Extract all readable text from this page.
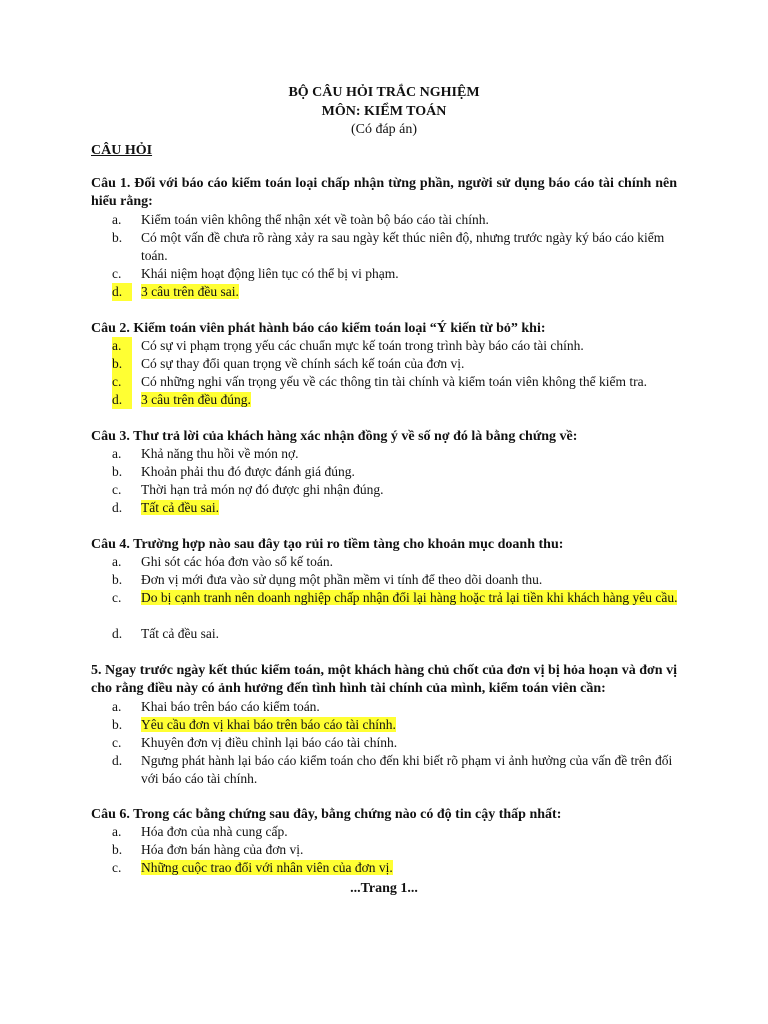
BỘ CÂU HỎI TRẮC NGHIỆM
MÔN: KIỂM TOÁN
(Có đáp án)
CÂU HỎI
Câu 1. Đối với báo cáo kiểm toán loại chấp nhận từng phần, người sử dụng báo cáo tài chính nên hiểu rằng:
a.	Kiểm toán viên không thể nhận xét về toàn bộ báo cáo tài chính.
b.	Có một vấn đề chưa rõ ràng xảy ra sau ngày kết thúc niên độ, nhưng trước ngày ký báo cáo kiểm toán.
c.	Khái niệm hoạt động liên tục có thể bị vi phạm.
d.	3 câu trên đều sai.
Câu 2. Kiểm toán viên phát hành báo cáo kiểm toán loại “Ý kiến từ bỏ” khi:
a.	Có sự vi phạm trọng yếu các chuẩn mực kế toán trong trình bày báo cáo tài chính.
b.	Có sự thay đổi quan trọng về chính sách kế toán của đơn vị.
c.	Có những nghi vấn trọng yếu về các thông tin tài chính và kiểm toán viên không thể kiểm tra.
d.	3 câu trên đều đúng.
Câu 3. Thư trả lời của khách hàng xác nhận đồng ý về số nợ đó là bằng chứng về:
a.	Khả năng thu hồi về món nợ.
b.	Khoản phải thu đó được đánh giá đúng.
c.	Thời hạn trả món nợ đó được ghi nhận đúng.
d.	Tất cả đều sai.
Câu 4. Trường hợp nào sau đây tạo rủi ro tiềm tàng cho khoản mục doanh thu:
a.	Ghi sót các hóa đơn vào sổ kế toán.
b.	Đơn vị mới đưa vào sử dụng một phần mềm vi tính để theo dõi doanh thu.
c.	Do bị cạnh tranh nên doanh nghiệp chấp nhận đổi lại hàng hoặc trả lại tiền khi khách hàng yêu cầu.
d.	Tất cả đều sai.
5. Ngay trước ngày kết thúc kiểm toán, một khách hàng chủ chốt của đơn vị bị hỏa hoạn và đơn vị cho rằng điều này có ảnh hưởng đến tình hình tài chính của mình, kiểm toán viên cần:
a.	Khai báo trên báo cáo kiểm toán.
b.	Yêu cầu đơn vị khai báo trên báo cáo tài chính.
c.	Khuyên đơn vị điều chỉnh lại báo cáo tài chính.
d.	Ngưng phát hành lại báo cáo kiểm toán cho đến khi biết rõ phạm vi ảnh hưởng của vấn đề trên đối với báo cáo tài chính.
Câu 6. Trong các bằng chứng sau đây, bằng chứng nào có độ tin cậy thấp nhất:
a.	Hóa đơn của nhà cung cấp.
b.	Hóa đơn bán hàng của đơn vị.
c.	Những cuộc trao đổi với nhân viên của đơn vị.
...Trang 1...
